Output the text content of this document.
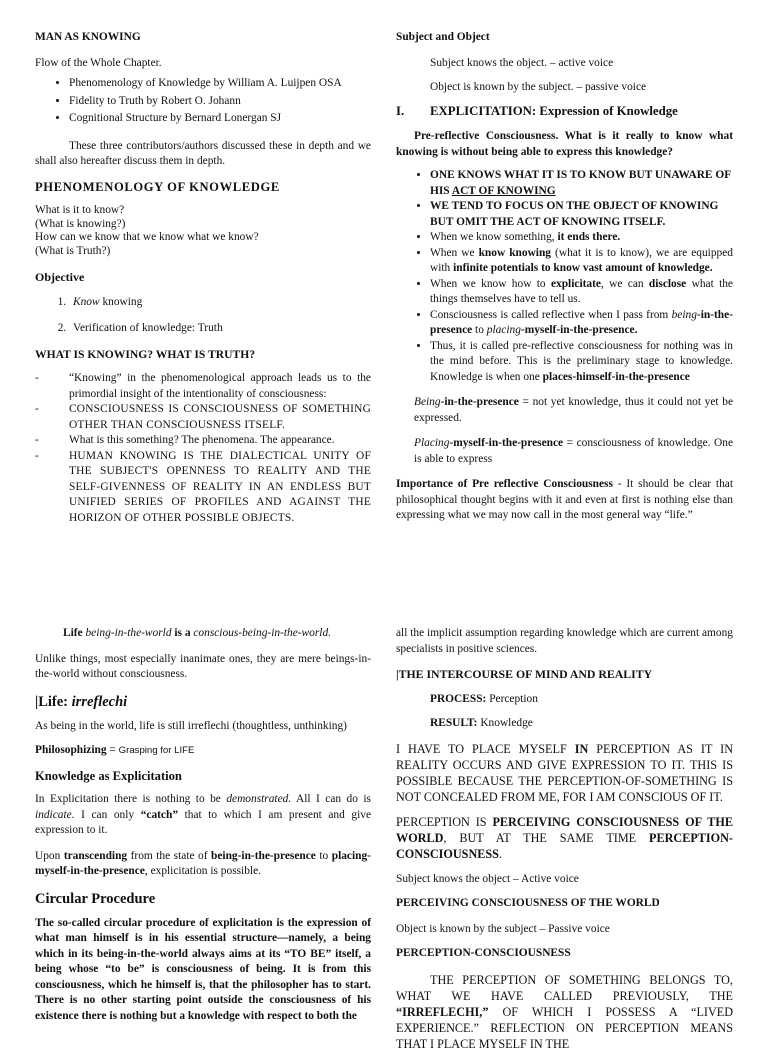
MAN AS KNOWING

Flow of the Whole Chapter.

• Phenomenology of Knowledge by William A. Luijpen OSA
• Fidelity to Truth by Robert O. Johann
• Cognitional Structure by Bernard Lonergan SJ

These three contributors/authors discussed these in depth and we shall also hereafter discuss them in depth.

PHENOMENOLOGY OF KNOWLEDGE

What is it to know?

(What is knowing?)

How can we know that we know what we know?

(What is Truth?)

Objective
1. Know knowing
2. Verification of knowledge: Truth
WHAT IS KNOWING? WHAT IS TRUTH?
- “Knowing” in the phenomenological approach leads us to the primordial insight of the intentionality of consciousness:
- CONSCIOUSNESS IS CONSCIOUSNESS OF SOMETHING OTHER THAN CONSCIOUSNESS ITSELF.
- What is this something? The phenomena. The appearance.
- HUMAN KNOWING IS THE DIALECTICAL UNITY OF THE SUBJECT'S OPENNESS TO REALITY AND THE SELF-GIVENNESS OF REALITY IN AN ENDLESS BUT UNIFIED SERIES OF PROFILES AND AGAINST THE HORIZON OF OTHER POSSIBLE OBJECTS.

Subject and Object

Subject knows the object. – active voice

Object is known by the subject. – passive voice

I.	EXPLICITATION: Expression of Knowledge

Pre-reflective Consciousness. What is it really to know what knowing is without being able to express this knowledge?

• ONE KNOWS WHAT IT IS TO KNOW BUT UNAWARE OF HIS ACT OF KNOWING
• WE TEND TO FOCUS ON THE OBJECT OF KNOWING BUT OMIT THE ACT OF KNOWING ITSELF.
• When we know something, it ends there.
• When we know knowing (what it is to know), we are equipped with infinite potentials to know vast amount of knowledge.
• When we know how to explicitate, we can disclose what the things themselves have to tell us.
• Consciousness is called reflective when I pass from being-in-the-presence to placing-myself-in-the-presence.
• Thus, it is called pre-reflective consciousness for nothing was in the mind before. This is the preliminary stage to knowledge. Knowledge is when one places-himself-in-the-presence

Being-in-the-presence = not yet knowledge, thus it could not yet be expressed.

Placing-myself-in-the-presence = consciousness of knowledge. One is able to express

Importance of Pre reflective Consciousness - It should be clear that philosophical thought begins with it and even at first is nothing else than expressing what we may now call in the most general way “life.”

Life being-in-the-world is a conscious-being-in-the-world.

Unlike things, most especially inanimate ones, they are mere beings-in-the-world without consciousness.

|Life: irreflechi

As being in the world, life is still irreflechi (thoughtless, unthinking)

Philosophizing = Grasping for LIFE

Knowledge as Explicitation

In Explicitation there is nothing to be demonstrated. All I can do is indicate. I can only “catch” that to which I am present and give expression to it.

Upon transcending from the state of being-in-the-presence to placing-myself-in-the-presence, explicitation is possible.

Circular Procedure

The so-called circular procedure of explicitation is the expression of what man himself is in his essential structure—namely, a being which in its being-in-the-world always aims at its “TO BE” itself, a being whose “to be” is consciousness of being. It is from this consciousness, which he himself is, that the philosopher has to start. There is no other starting point outside the consciousness of his existence there is nothing but a knowledge with respect to both the

all the implicit assumption regarding knowledge which are current among specialists in positive sciences.

|THE INTERCOURSE OF MIND AND REALITY

PROCESS: Perception

RESULT: Knowledge

I HAVE TO PLACE MYSELF IN PERCEPTION AS IT IN REALITY OCCURS AND GIVE EXPRESSION TO IT. THIS IS POSSIBLE BECAUSE THE PERCEPTION-OF-SOMETHING IS NOT CONCEALED FROM ME, FOR I AM CONSCIOUS OF IT.

PERCEPTION IS PERCEIVING CONSCIOUSNESS OF THE WORLD, BUT AT THE SAME TIME PERCEPTION-CONSCIOUSNESS.

Subject knows the object – Active voice

PERCEIVING CONSCIOUSNESS OF THE WORLD

Object is known by the subject – Passive voice

PERCEPTION-CONSCIOUSNESS

THE PERCEPTION OF SOMETHING BELONGS TO, WHAT WE HAVE CALLED PREVIOUSLY, THE “IRREFLECHI,” OF WHICH I POSSESS A “LIVED EXPERIENCE.” REFLECTION ON PERCEPTION MEANS THAT I PLACE MYSELF IN THE
